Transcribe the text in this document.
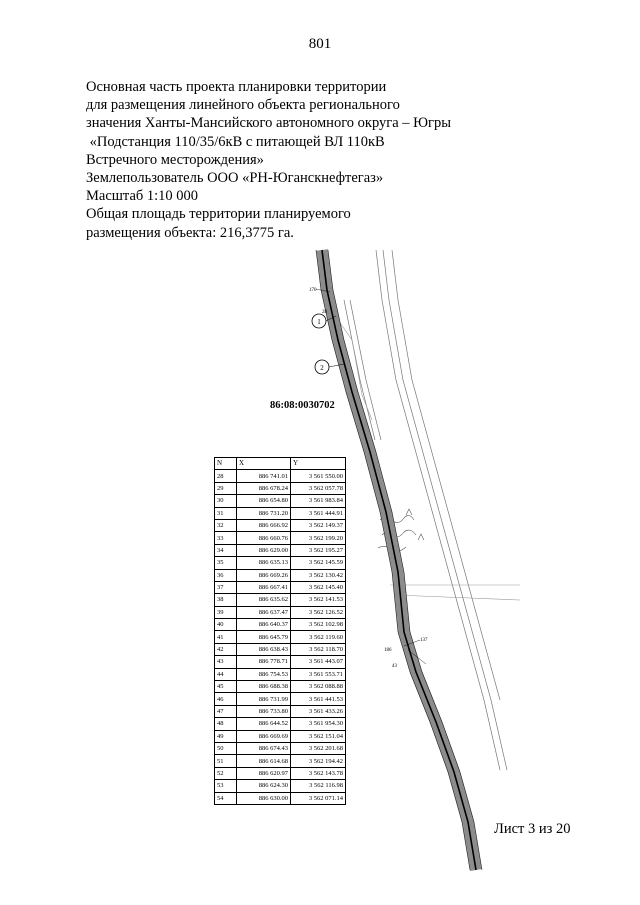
801
Основная часть проекта планировки территории
для размещения линейного объекта регионального
значения Ханты-Мансийского автономного округа – Югры
«Подстанция 110/35/6кВ с питающей ВЛ 110кВ
Встречного месторождения»
Землепользователь ООО «РН-Юганскнефтегаз»
Масштаб 1:10 000
Общая площадь территории планируемого
размещения объекта: 216,3775 га.
1
2
170
28
137
186
43
86:08:0030702
N	X	Y
28	886 741.01	3 561 550.00
29	886 678.24	3 562 057.78
30	886 654.80	3 561 983.84
31	886 731.20	3 561 444.91
32	886 666.92	3 562 149.37
33	886 660.76	3 562 199.20
34	886 629.00	3 562 195.27
35	886 635.13	3 562 145.59
36	886 669.26	3 562 130.42
37	886 667.41	3 562 145.40
38	886 635.62	3 562 141.53
39	886 637.47	3 562 126.52
40	886 640.37	3 562 102.98
41	886 645.79	3 562 119.60
42	886 638.43	3 562 118.70
43	886 778.71	3 561 443.07
44	886 754.53	3 561 553.71
45	886 688.38	3 562 088.88
46	886 731.99	3 561 441.53
47	886 733.80	3 561 433.26
48	886 644.52	3 561 954.30
49	886 669.69	3 562 151.04
50	886 674.43	3 562 201.68
51	886 614.68	3 562 194.42
52	886 620.97	3 562 143.78
53	886 624.30	3 562 116.98
54	886 630.00	3 562 071.14
Лист 3 из 20
